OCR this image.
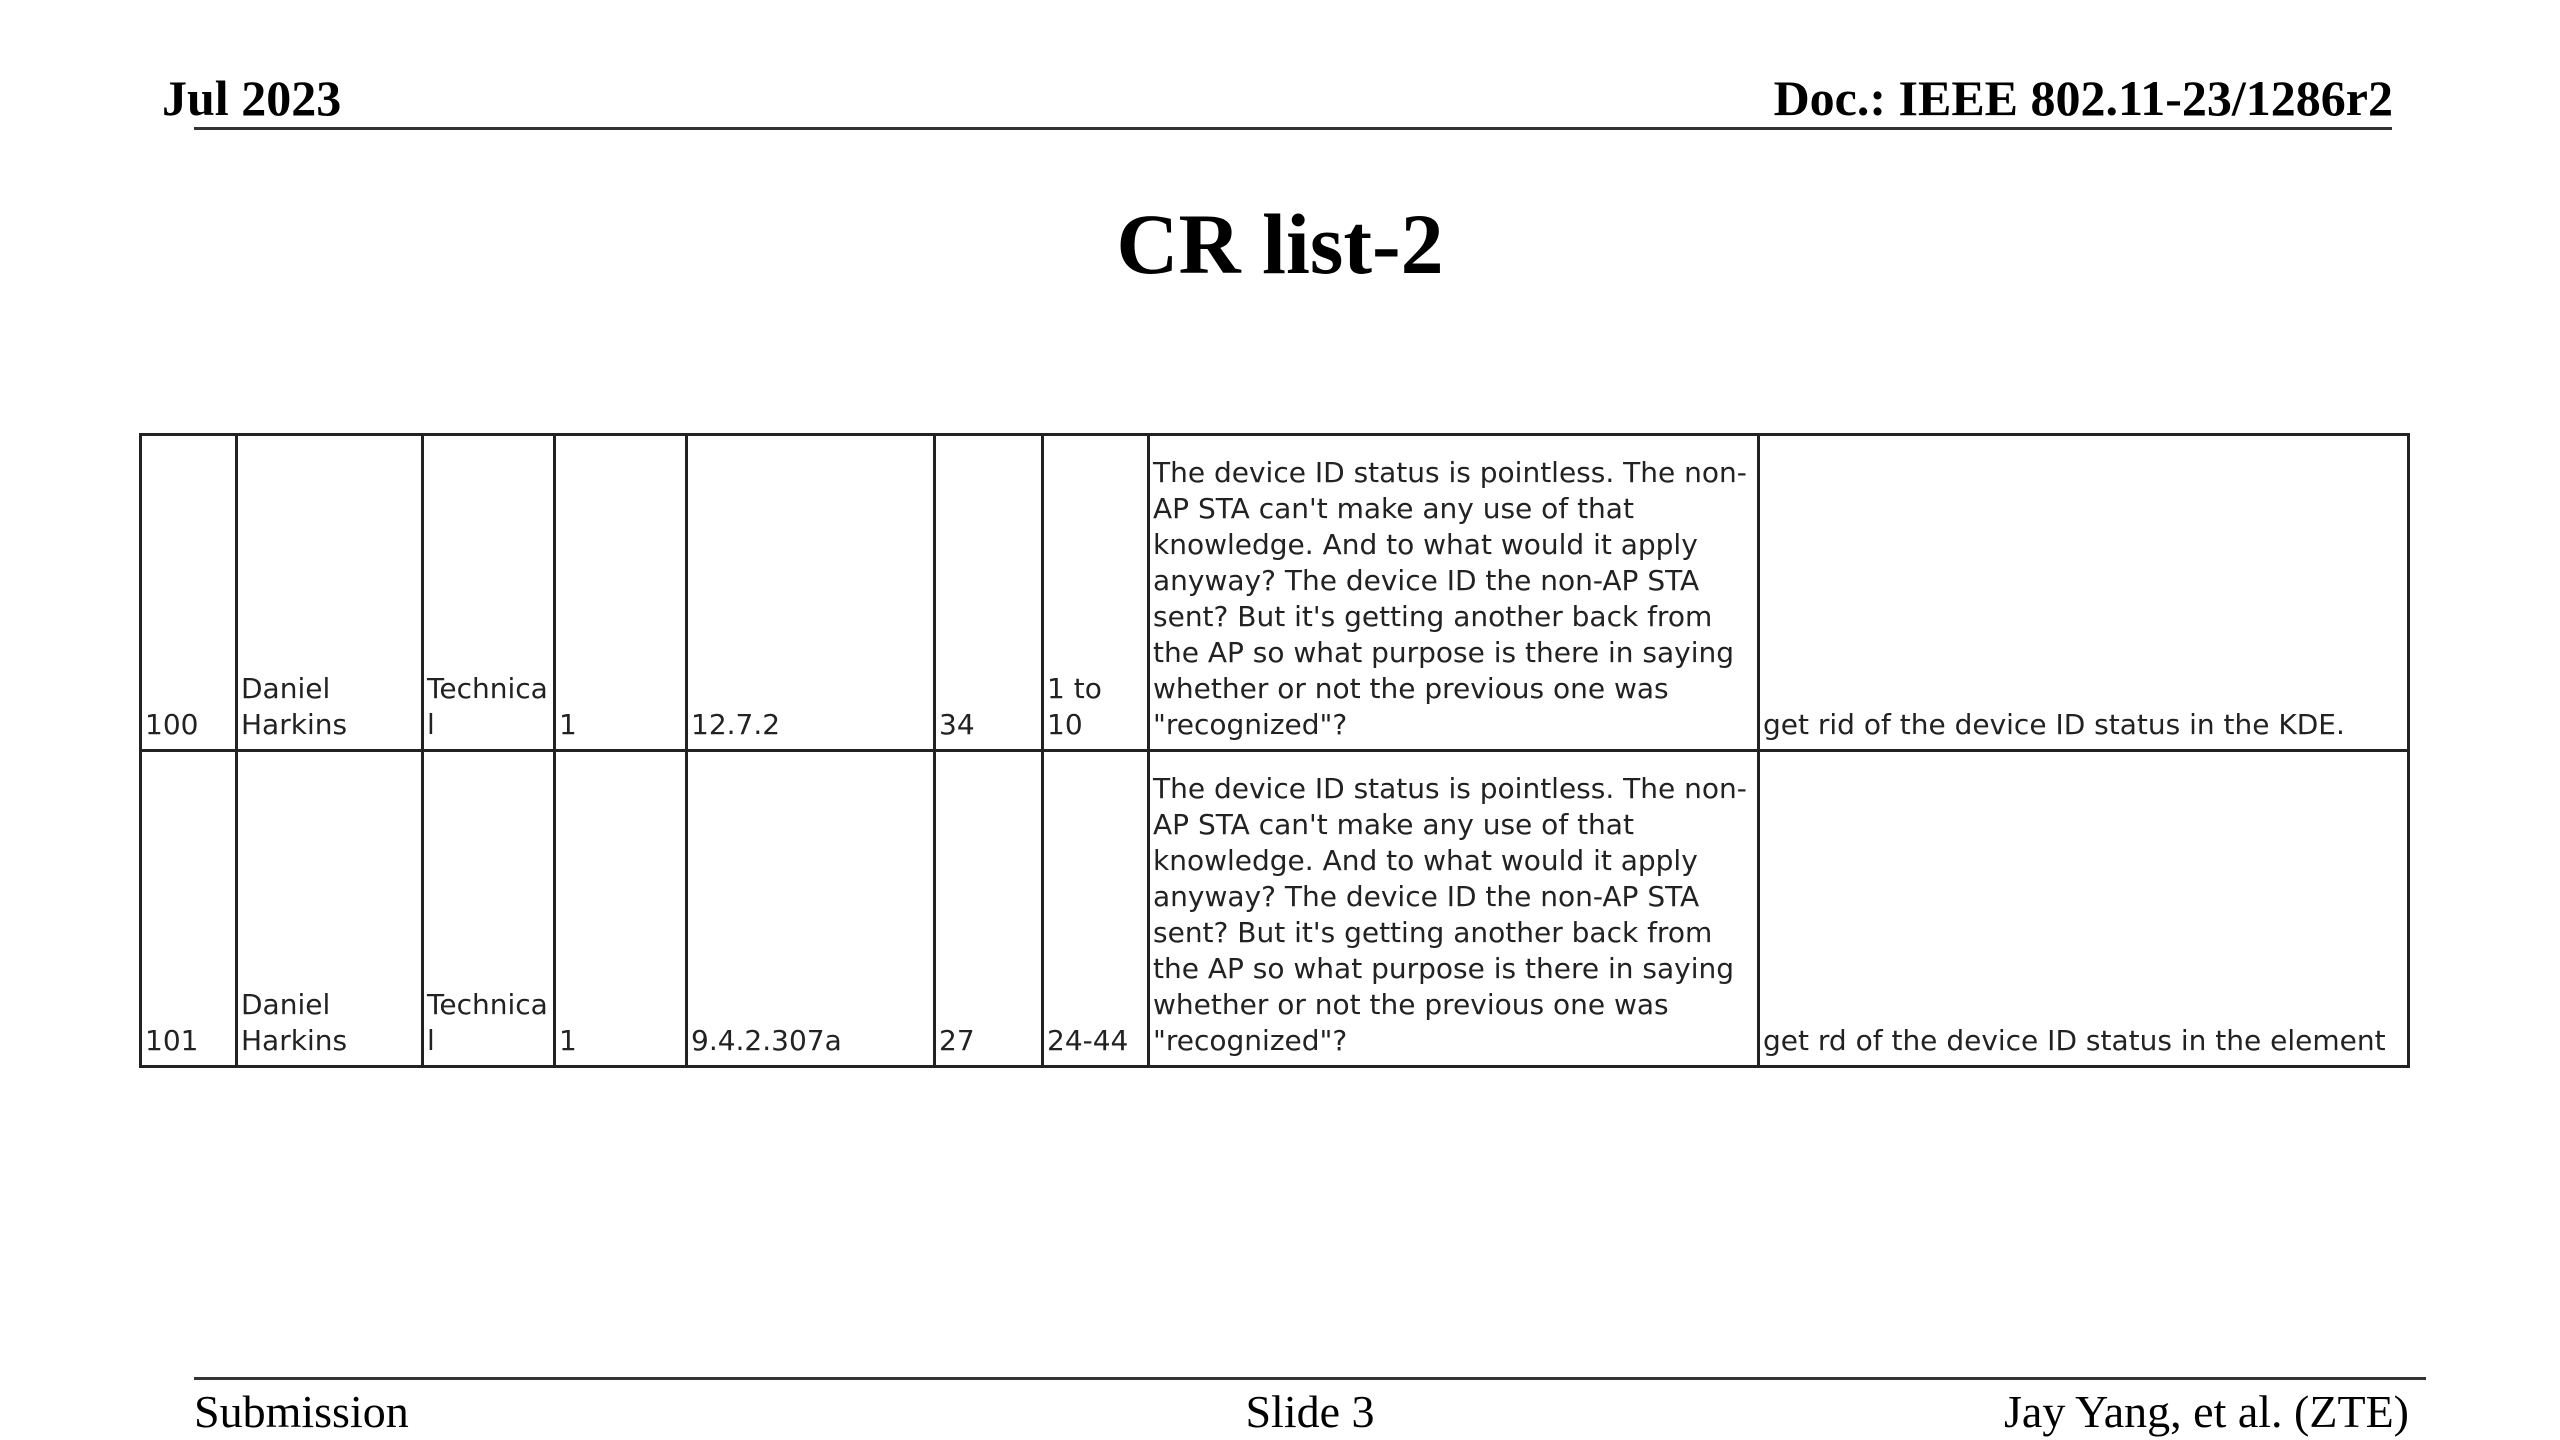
Jul 2023	Doc.: IEEE 802.11-23/1286r2
CR list-2
100	Daniel Harkins	Technical	1	12.7.2	34	1 to 10	The device ID status is pointless. The non-AP STA can't make any use of that knowledge. And to what would it apply anyway? The device ID the non-AP STA sent? But it's getting another back from the AP so what purpose is there in saying whether or not the previous one was "recognized"?	get rid of the device ID status in the KDE.
101	Daniel Harkins	Technical	1	9.4.2.307a	27	24-44	The device ID status is pointless. The non-AP STA can't make any use of that knowledge. And to what would it apply anyway? The device ID the non-AP STA sent? But it's getting another back from the AP so what purpose is there in saying whether or not the previous one was "recognized"?	get rd of the device ID status in the element
Submission	Slide 3	Jay Yang, et al. (ZTE)
